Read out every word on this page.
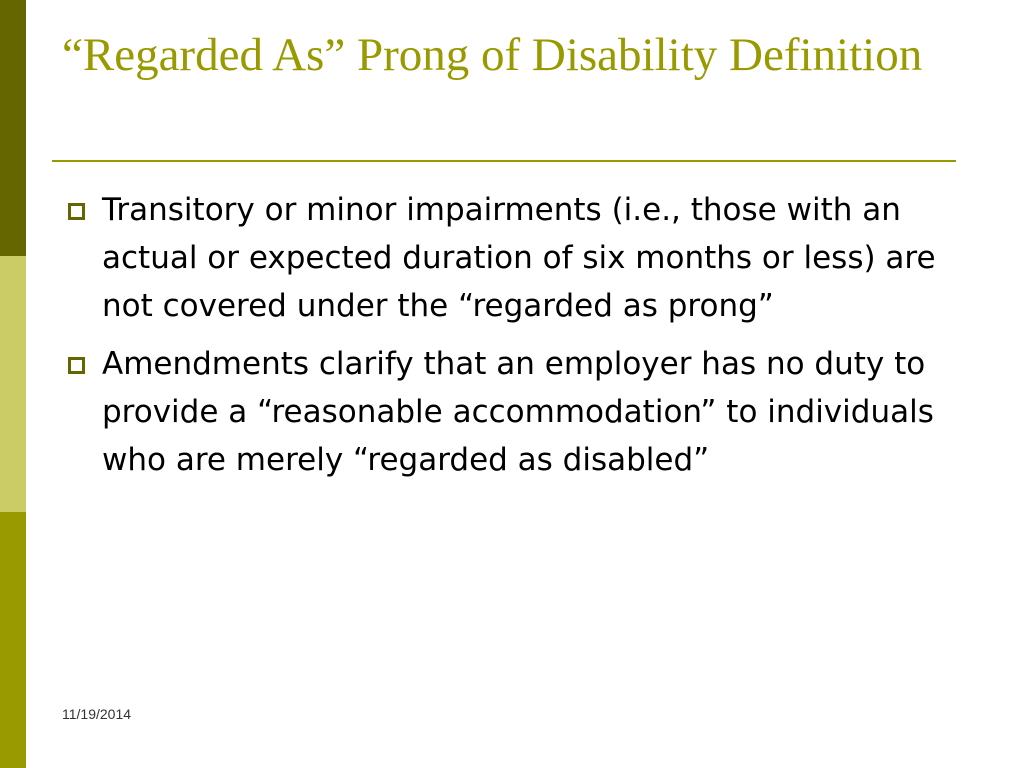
“Regarded As” Prong of Disability Definition
Transitory or minor impairments (i.e., those with an actual or expected duration of six months or less) are not covered under the “regarded as prong”
Amendments clarify that an employer has no duty to provide a “reasonable accommodation” to individuals who are merely “regarded as disabled”
11/19/2014
